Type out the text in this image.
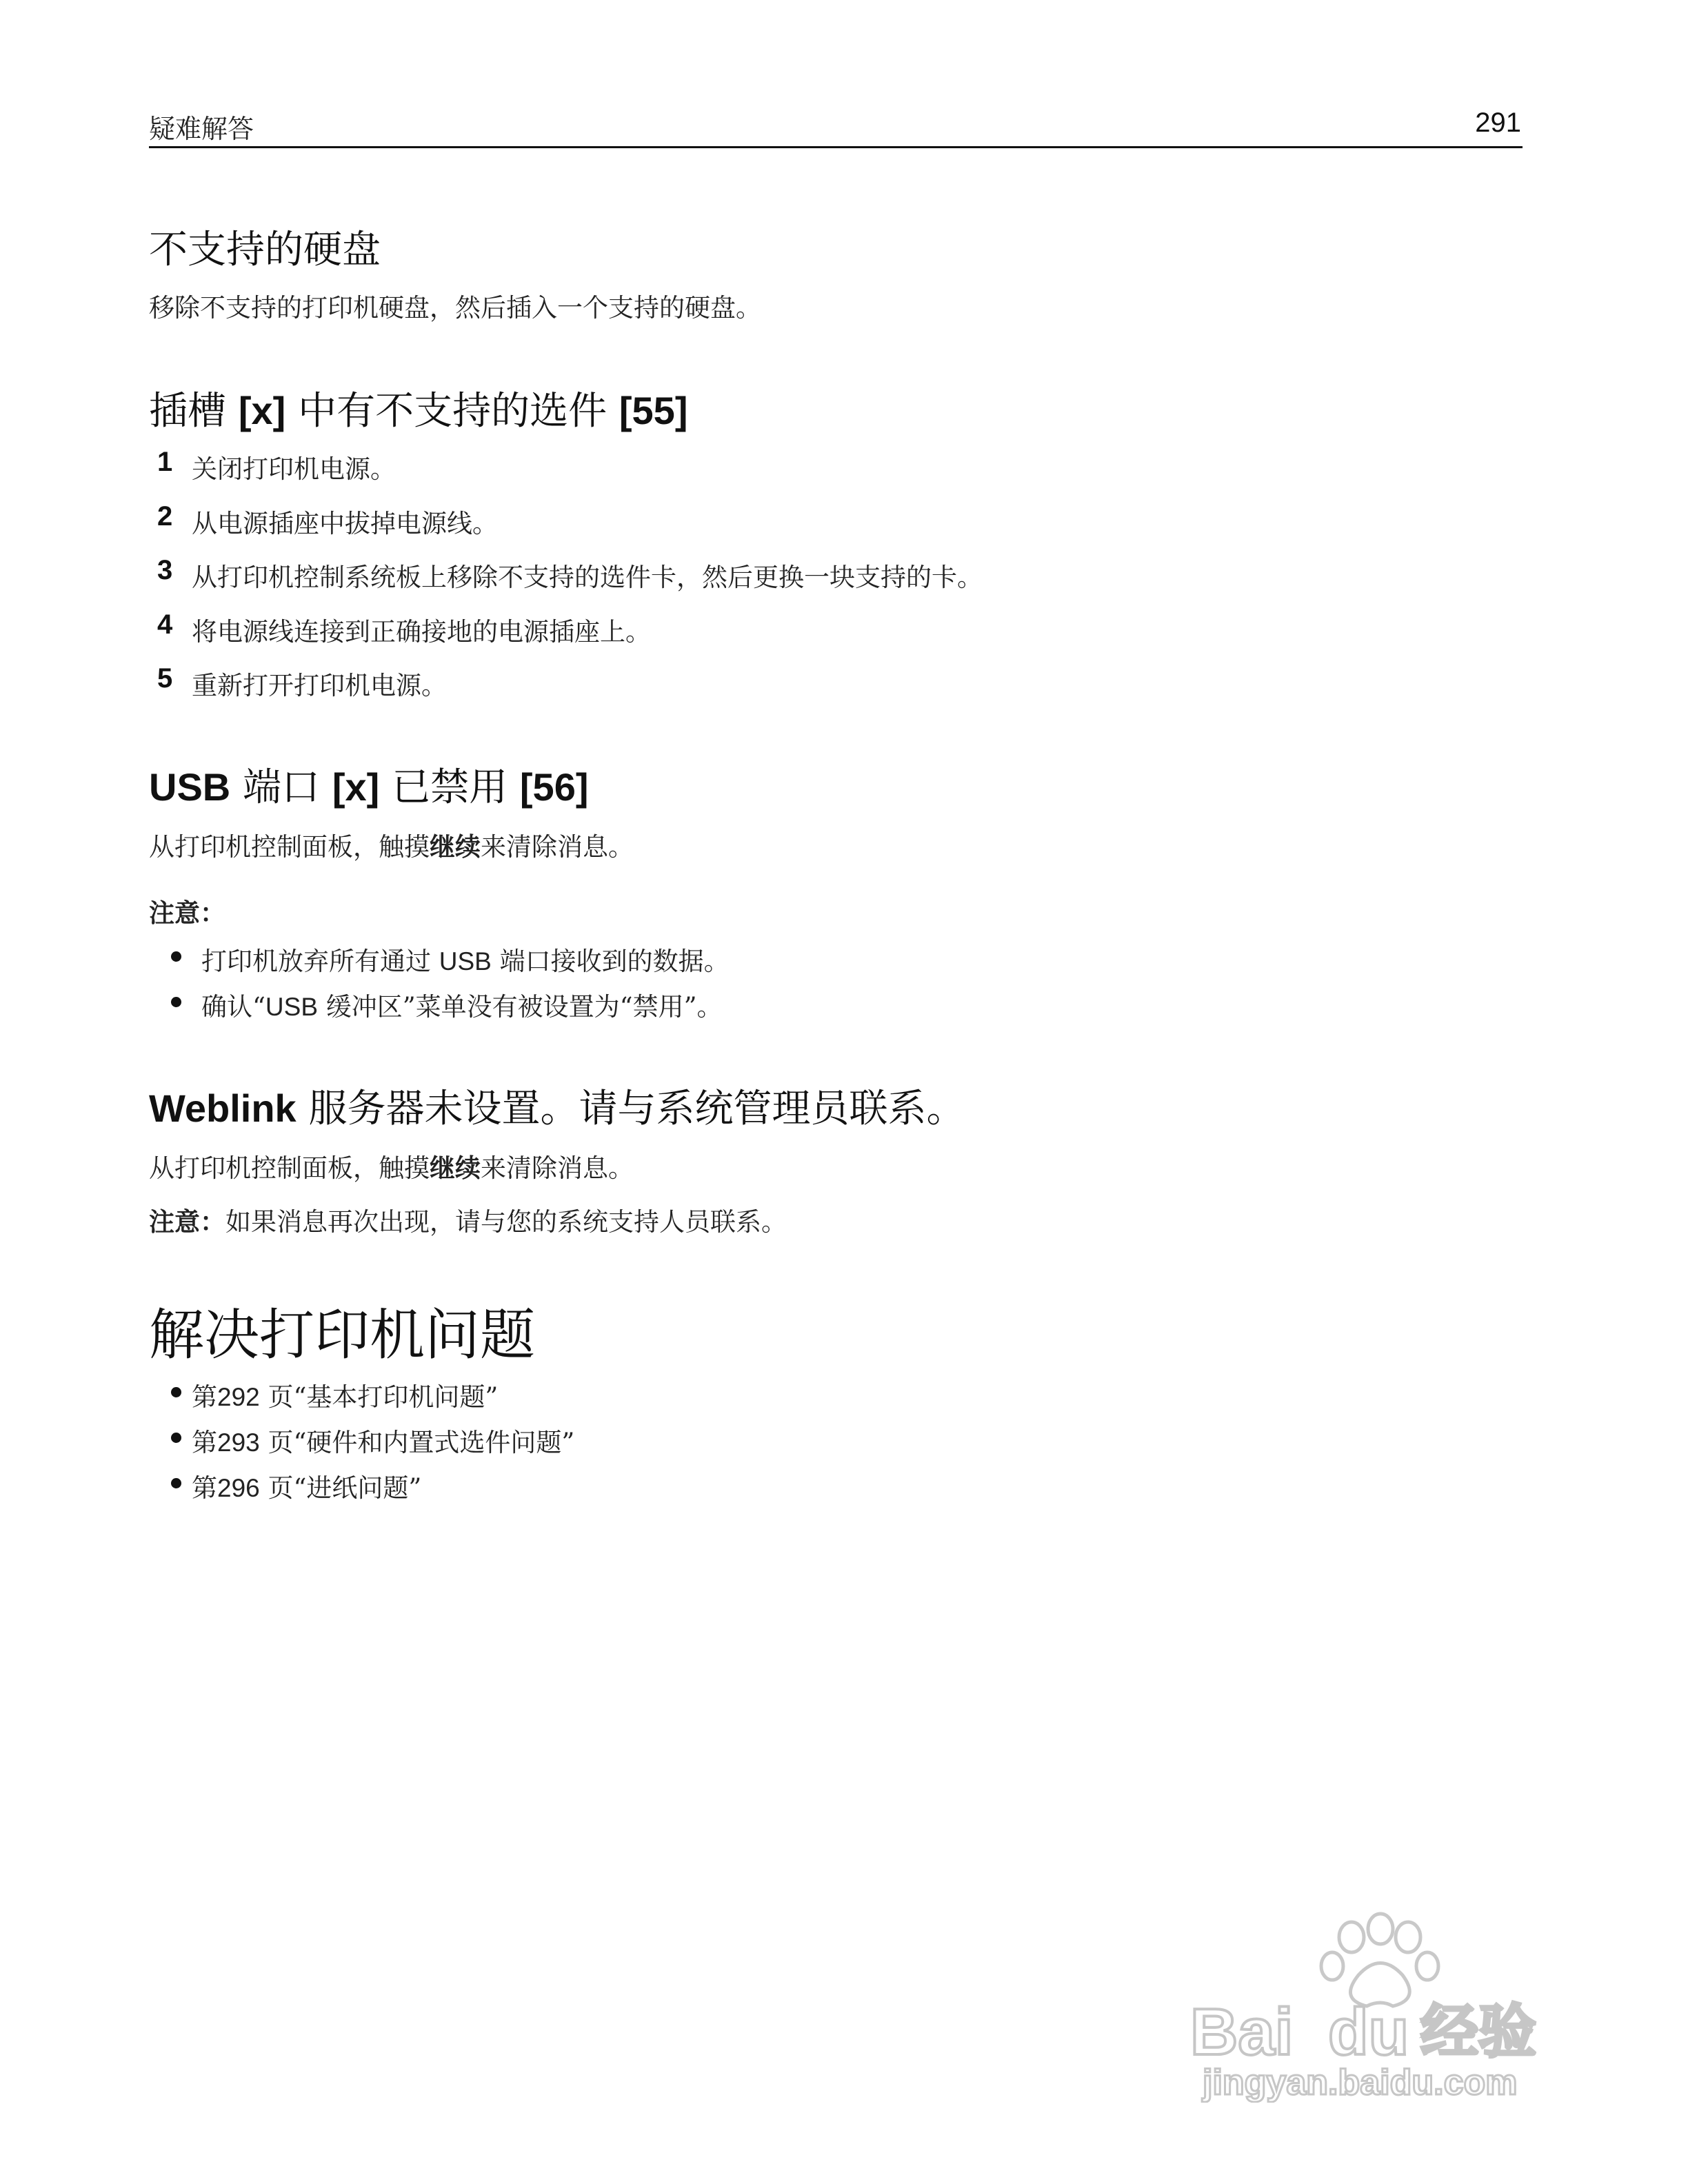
疑难解答	291
不支持的硬盘
移除不支持的打印机硬盘，然后插入一个支持的硬盘。
插槽 [x] 中有不支持的选件 [55]
1 关闭打印机电源。
2 从电源插座中拔掉电源线。
3 从打印机控制系统板上移除不支持的选件卡，然后更换一块支持的卡。
4 将电源线连接到正确接地的电源插座上。
5 重新打开打印机电源。
USB 端口 [x] 已禁用 [56]
从打印机控制面板，触摸继续来清除消息。
注意：
打印机放弃所有通过 USB 端口接收到的数据。
确认“USB 缓冲区”菜单没有被设置为“禁用”。
Weblink 服务器未设置。请与系统管理员联系。
从打印机控制面板，触摸继续来清除消息。
注意：如果消息再次出现，请与您的系统支持人员联系。
解决打印机问题
第292 页“基本打印机问题”
第293 页“硬件和内置式选件问题”
第296 页“进纸问题”
Bai du 经验
jingyan.baidu.com
